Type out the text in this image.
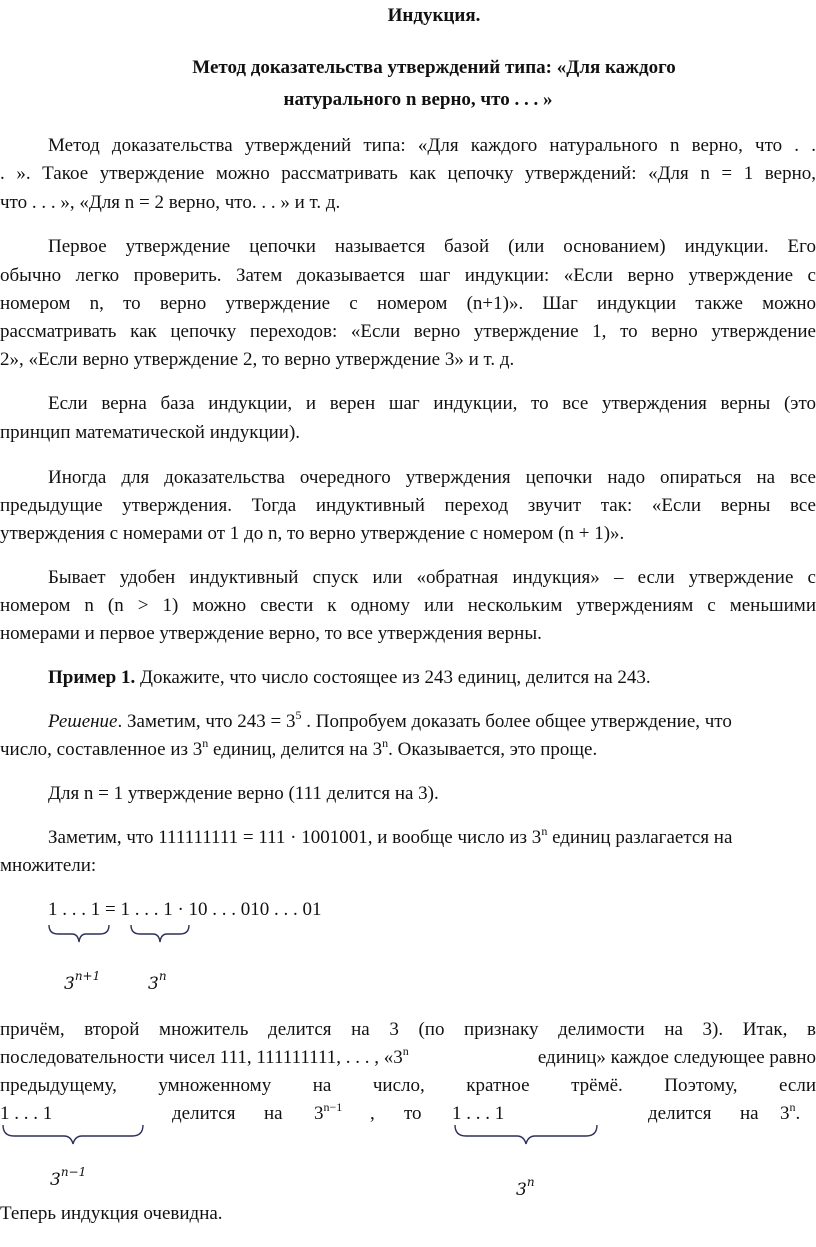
Индукция.

Метод доказательства утверждений типа: «Для каждого

натурального n верно, что . . . »

Метод доказательства утверждений типа: «Для каждого натурального n верно, что . .

. ». Такое утверждение можно рассматривать как цепочку утверждений: «Для n = 1 верно,

что . . . », «Для n = 2 верно, что. . . » и т. д.

Первое утверждение цепочки называется базой (или основанием) индукции. Его

обычно легко проверить. Затем доказывается шаг индукции: «Если верно утверждение с

номером n, то верно утверждение с номером (n+1)». Шаг индукции также можно

рассматривать как цепочку переходов: «Если верно утверждение 1, то верно утверждение

2», «Если верно утверждение 2, то верно утверждение 3» и т. д.

Если верна база индукции, и верен шаг индукции, то все утверждения верны (это

принцип математической индукции).

Иногда для доказательства очередного утверждения цепочки надо опираться на все

предыдущие утверждения. Тогда индуктивный переход звучит так: «Если верны все

утверждения с номерами от 1 до n, то верно утверждение с номером (n + 1)».

Бывает удобен индуктивный спуск или «обратная индукция» – если утверждение с

номером n (n > 1) можно свести к одному или нескольким утверждениям с меньшими

номерами и первое утверждение верно, то все утверждения верны.

Пример 1. Докажите, что число состоящее из 243 единиц, делится на 243.

Решение. Заметим, что $243 = 3^5$ . Попробуем доказать более общее утверждение, что

число, составленное из 3$^n$ единиц, делится на 3$^n$. Оказывается, это проще.

Для n = 1 утверждение верно (111 делится на 3).

Заметим, что 111111111 = 111 · 1001001, и вообще число из 3$^n$ единиц разлагается на

множители:

1 . . . 1 = 1 . . . 1 · 10 . . . 010 . . . 01

$3^{n+1}$	3$^n$

причём, второй множитель делится на 3 (по признаку делимости на 3). Итак, в

последовательности чисел 111, 111111111, . . . , «3$^n$	единиц» каждое следующее равно

предыдущему, умноженному на число, кратное трёмё. Поэтому, если

1 . . . 1	делится на $3^{n-1}$ , то 1 . . . 1	делится на 3$^n$.

$3^{n-1}$

3$^n$

Теперь индукция очевидна.
